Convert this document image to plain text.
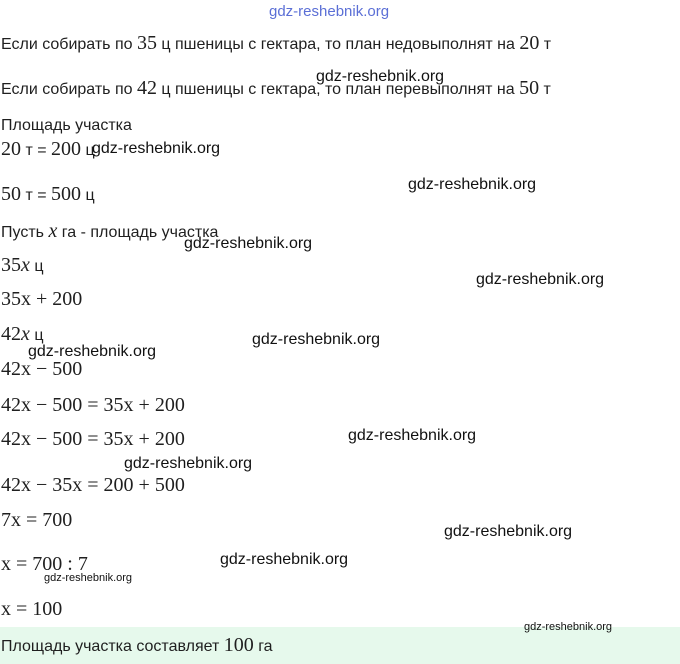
gdz-reshebnik.org
Если собирать по 35 ц пшеницы с гектара, то план недовыполнят на 20 т
Если собирать по 42 ц пшеницы с гектара, то план перевыполнят на 50 т
Площадь участка
20 т = 200 ц
50 т = 500 ц
Пусть x га - площадь участка
35x ц
35x + 200
42x ц
42x − 500
42x − 500 = 35x + 200
42x − 500 = 35x + 200
42x − 35x = 200 + 500
7x = 700
x = 700 : 7
x = 100
Площадь участка составляет 100 га
gdz-reshebnik.org
gdz-reshebnik.org
gdz-reshebnik.org
gdz-reshebnik.org
gdz-reshebnik.org
gdz-reshebnik.org
gdz-reshebnik.org
gdz-reshebnik.org
gdz-reshebnik.org
gdz-reshebnik.org
gdz-reshebnik.org
gdz-reshebnik.org
gdz-reshebnik.org
